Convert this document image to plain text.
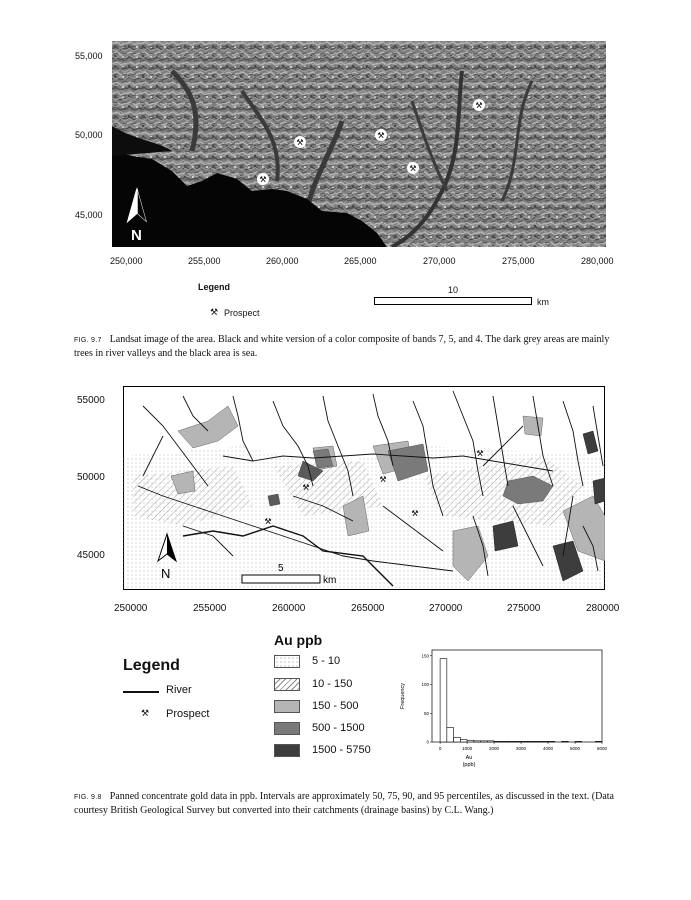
55,000
50,000
45,000
N
⚒
⚒
⚒
⚒
⚒
250,000	255,000	260,000	265,000	270,000	275,000	280,000
Legend
⚒ Prospect
10
km
FIG. 9.7 Landsat image of the area. Black and white version of a color composite of bands 7, 5, and 4. The dark grey areas are mainly trees in river valleys and the black area is sea.
55000
50000
45000
N	5
km
⚒
⚒
⚒
⚒
⚒
250000	255000	260000	265000	270000	275000	280000
Legend
River
⚒ Prospect
Au ppb
5 - 10
10 - 150
150 - 500
500 - 1500
1500 - 5750	0	1000	2000	3000	4000	5000	6000
0
50
100
150
Frequency
Au
(ppb)
FIG. 9.8 Panned concentrate gold data in ppb. Intervals are approximately 50, 75, 90, and 95 percentiles, as discussed in the text. (Data courtesy British Geological Survey but converted into their catchments (drainage basins) by C.L. Wang.)
